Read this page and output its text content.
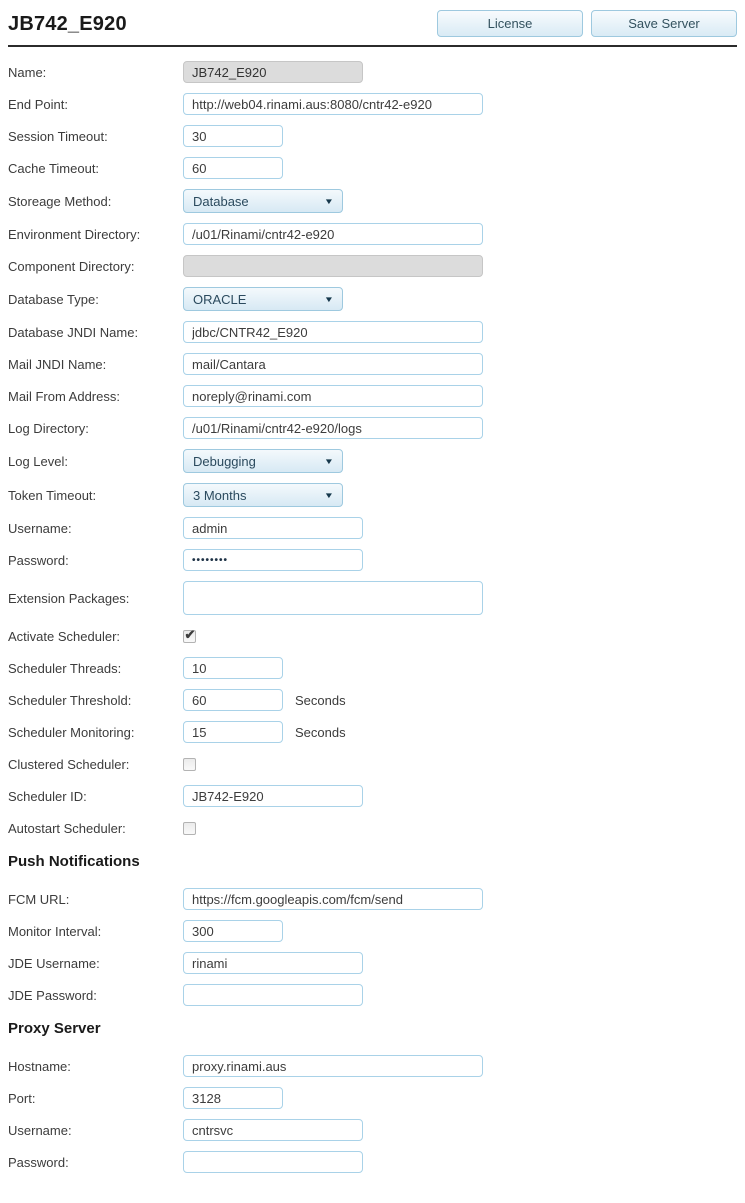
JB742_E920	License	Save Server
Name:
JB742_E920
End Point:
http://web04.rinami.aus:8080/cntr42-e920
Session Timeout:
30
Cache Timeout:
60
Storeage Method:	Database	▼
Environment Directory:
/u01/Rinami/cntr42-e920
Component Directory:
Database Type:	ORACLE	▼
Database JNDI Name:
jdbc/CNTR42_E920
Mail JNDI Name:
mail/Cantara
Mail From Address:
noreply@rinami.com
Log Directory:
/u01/Rinami/cntr42-e920/logs
Log Level:	Debugging	▼
Token Timeout:	3 Months	▼
Username:
admin
Password:
••••••••
Extension Packages:
Activate Scheduler:	✔
Scheduler Threads:
10
Scheduler Threshold:
60	Seconds
Scheduler Monitoring:
15	Seconds
Clustered Scheduler:
Scheduler ID:
JB742-E920
Autostart Scheduler:
Push Notifications
FCM URL:
https://fcm.googleapis.com/fcm/send
Monitor Interval:
300
JDE Username:
rinami
JDE Password:
Proxy Server
Hostname:
proxy.rinami.aus
Port:
3128
Username:
cntrsvc
Password:
